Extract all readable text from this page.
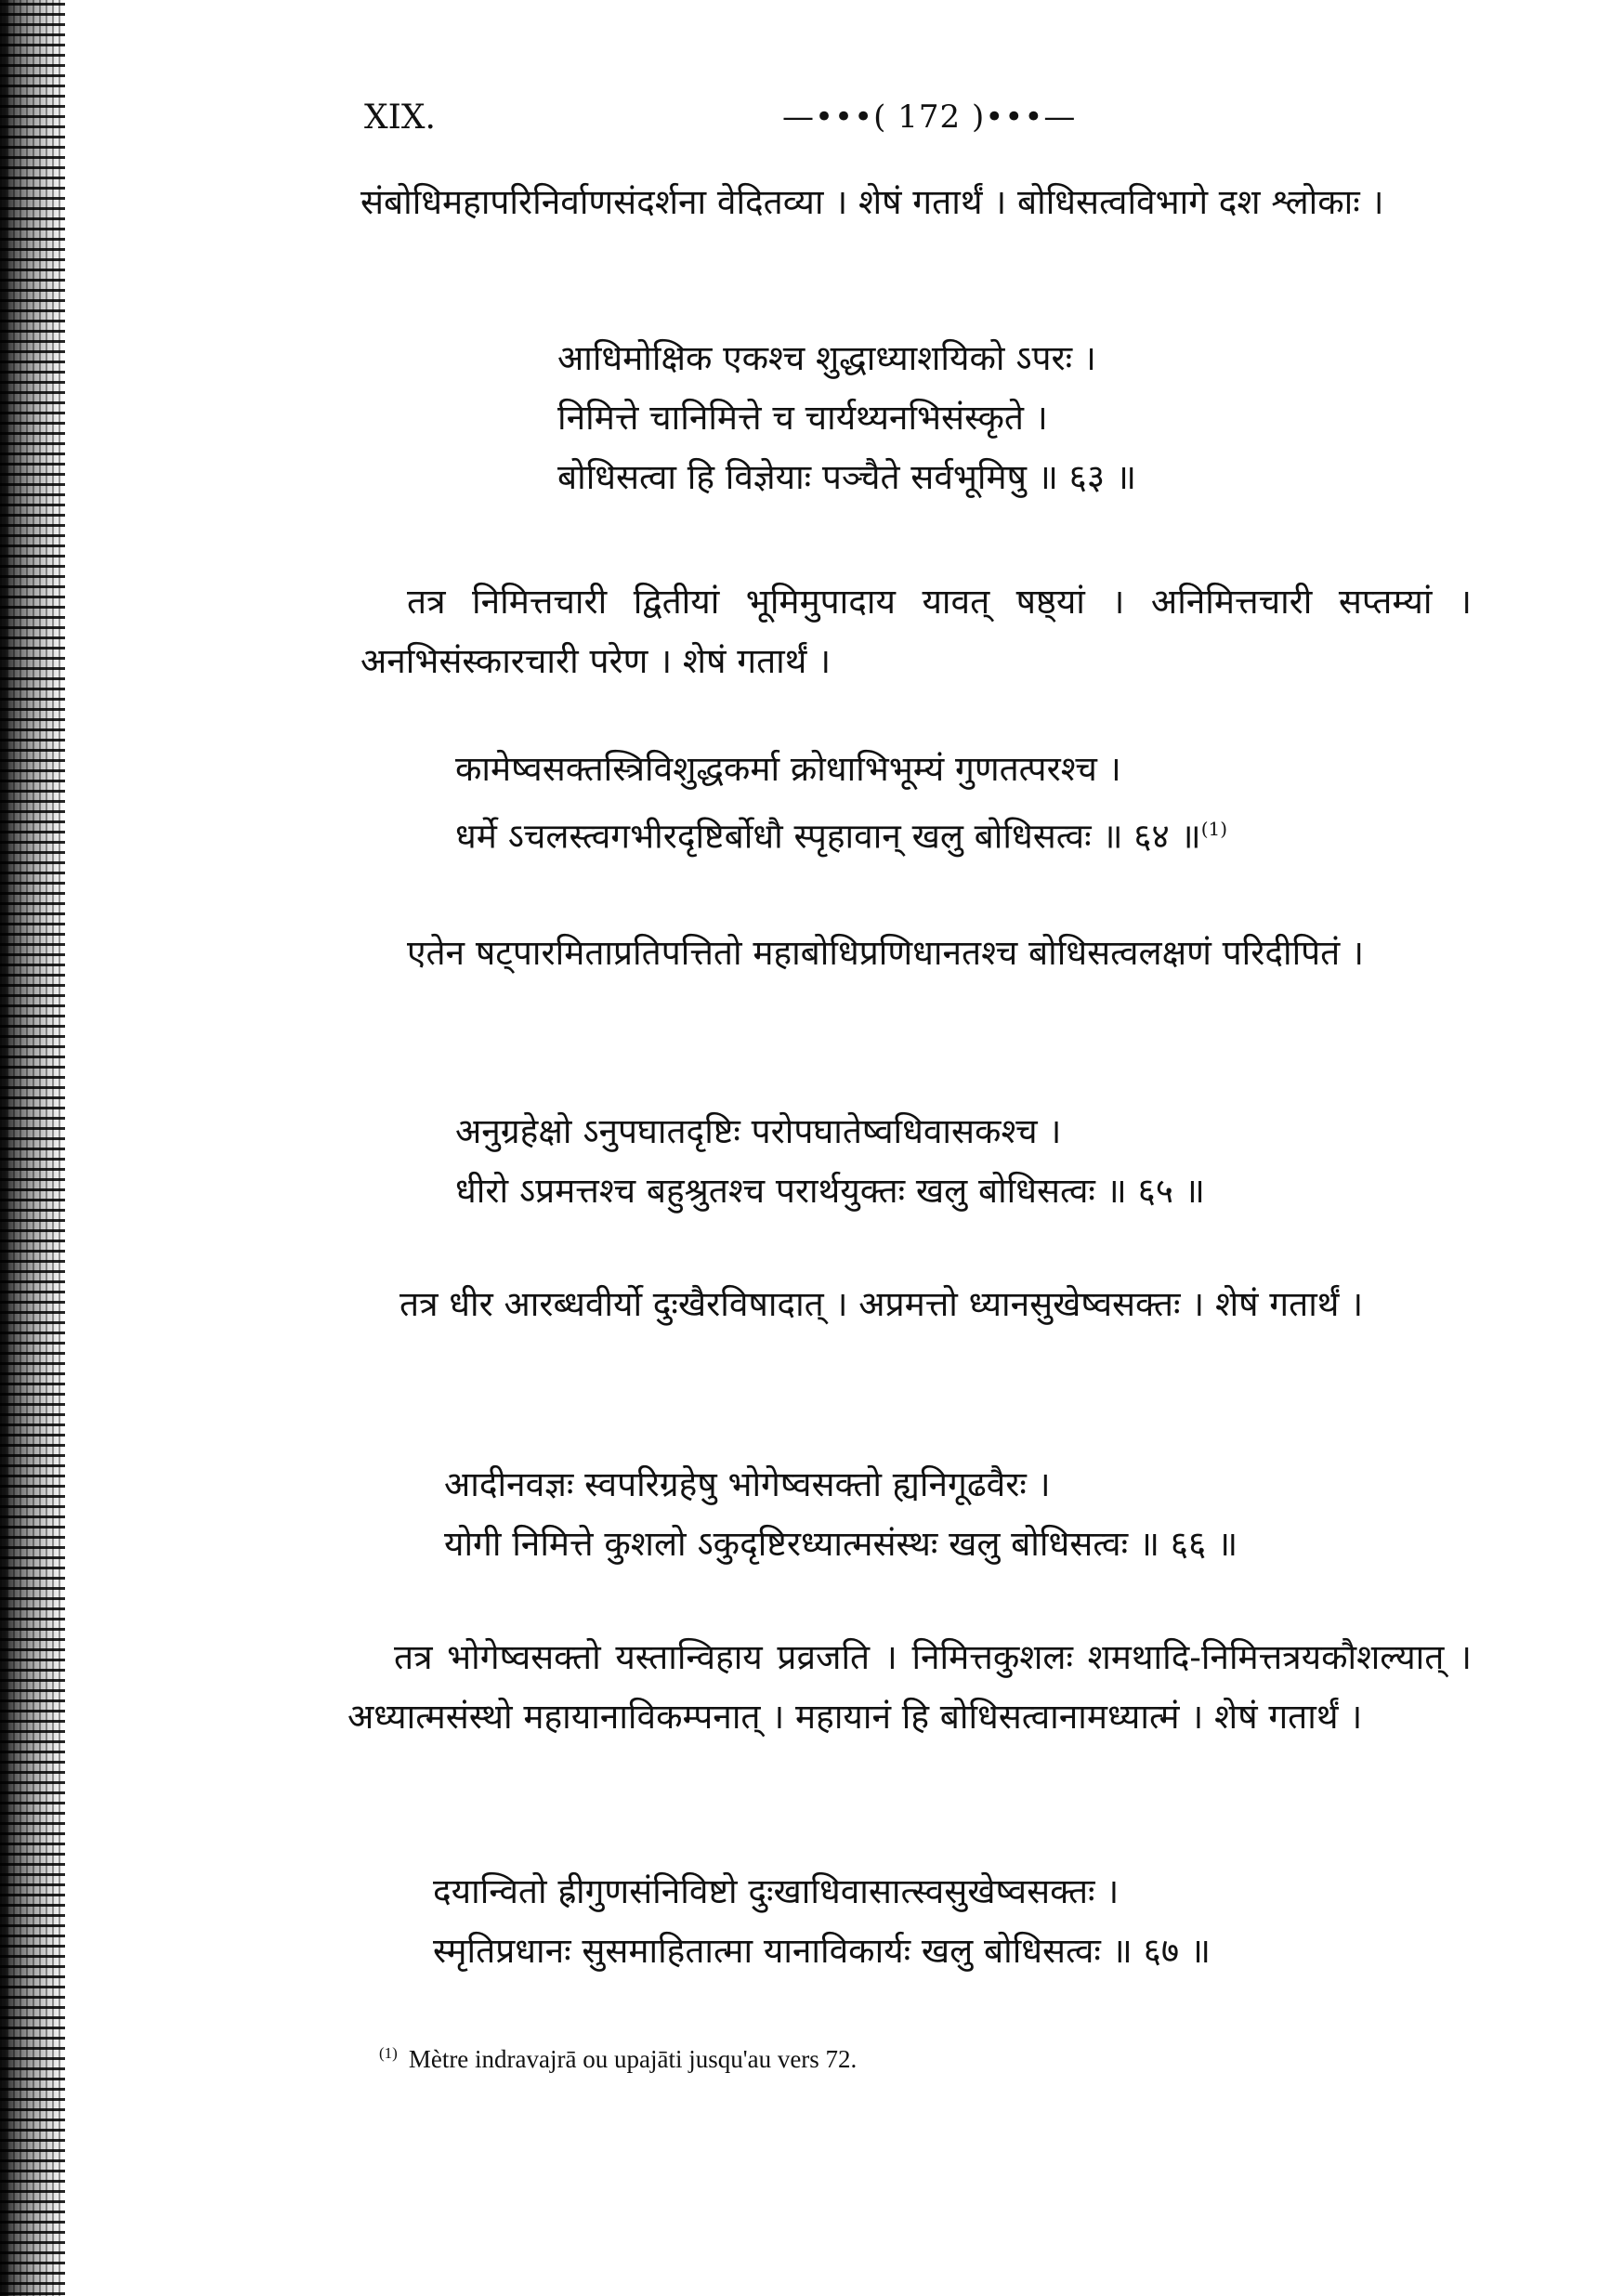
XIX.	—•••( 172 )•••—

संबोधिमहापरिनिर्वाणसंदर्शना वेदितव्या । शेषं गतार्थं । बोधिसत्वविभागे दश श्लोकाः ।

आधिमोक्षिक एकश्च शुद्धाध्याशयिको ऽपरः ।
निमित्ते चानिमित्ते च चार्यथ्यनभिसंस्कृते ।
बोधिसत्वा हि विज्ञेयाः पञ्चैते सर्वभूमिषु ॥ ६३ ॥

तत्र निमित्तचारी द्वितीयां भूमिमुपादाय यावत् षष्ठ्यां । अनिमित्तचारी सप्तम्यां । अनभिसंस्कारचारी परेण । शेषं गतार्थं ।

कामेष्वसक्तस्त्रिविशुद्धकर्मा क्रोधाभिभूम्यं गुणतत्परश्च ।
धर्मे ऽचलस्त्वगभीरदृष्टिर्बोधौ स्पृहावान् खलु बोधिसत्वः ॥ ६४ ॥$^{(1)}$

एतेन षट्पारमिताप्रतिपत्तितो महाबोधिप्रणिधानतश्च बोधिसत्वलक्षणं परिदीपितं ।

अनुग्रहेक्षो ऽनुपघातदृष्टिः परोपघातेष्वधिवासकश्च ।
धीरो ऽप्रमत्तश्च बहुश्रुतश्च परार्थयुक्तः खलु बोधिसत्वः ॥ ६५ ॥

तत्र धीर आरब्धवीर्यो दुःखैरविषादात् । अप्रमत्तो ध्यानसुखेष्वसक्तः । शेषं गतार्थं ।

आदीनवज्ञः स्वपरिग्रहेषु भोगेष्वसक्तो ह्यनिगूढवैरः ।
योगी निमित्ते कुशलो ऽकुदृष्टिरध्यात्मसंस्थः खलु बोधिसत्वः ॥ ६६ ॥

तत्र भोगेष्वसक्तो यस्तान्विहाय प्रव्रजति । निमित्तकुशलः शमथादि-निमित्तत्रयकौशल्यात् । अध्यात्मसंस्थो महायानाविकम्पनात् । महायानं हि बोधिसत्वानामध्यात्मं । शेषं गतार्थं ।

दयान्वितो ह्रीगुणसंनिविष्टो दुःखाधिवासात्स्वसुखेष्वसक्तः ।
स्मृतिप्रधानः सुसमाहितात्मा यानाविकार्यः खलु बोधिसत्वः ॥ ६७ ॥
$^{(1)}$ Mètre indravajrā ou upajāti jusqu'au vers 72.
